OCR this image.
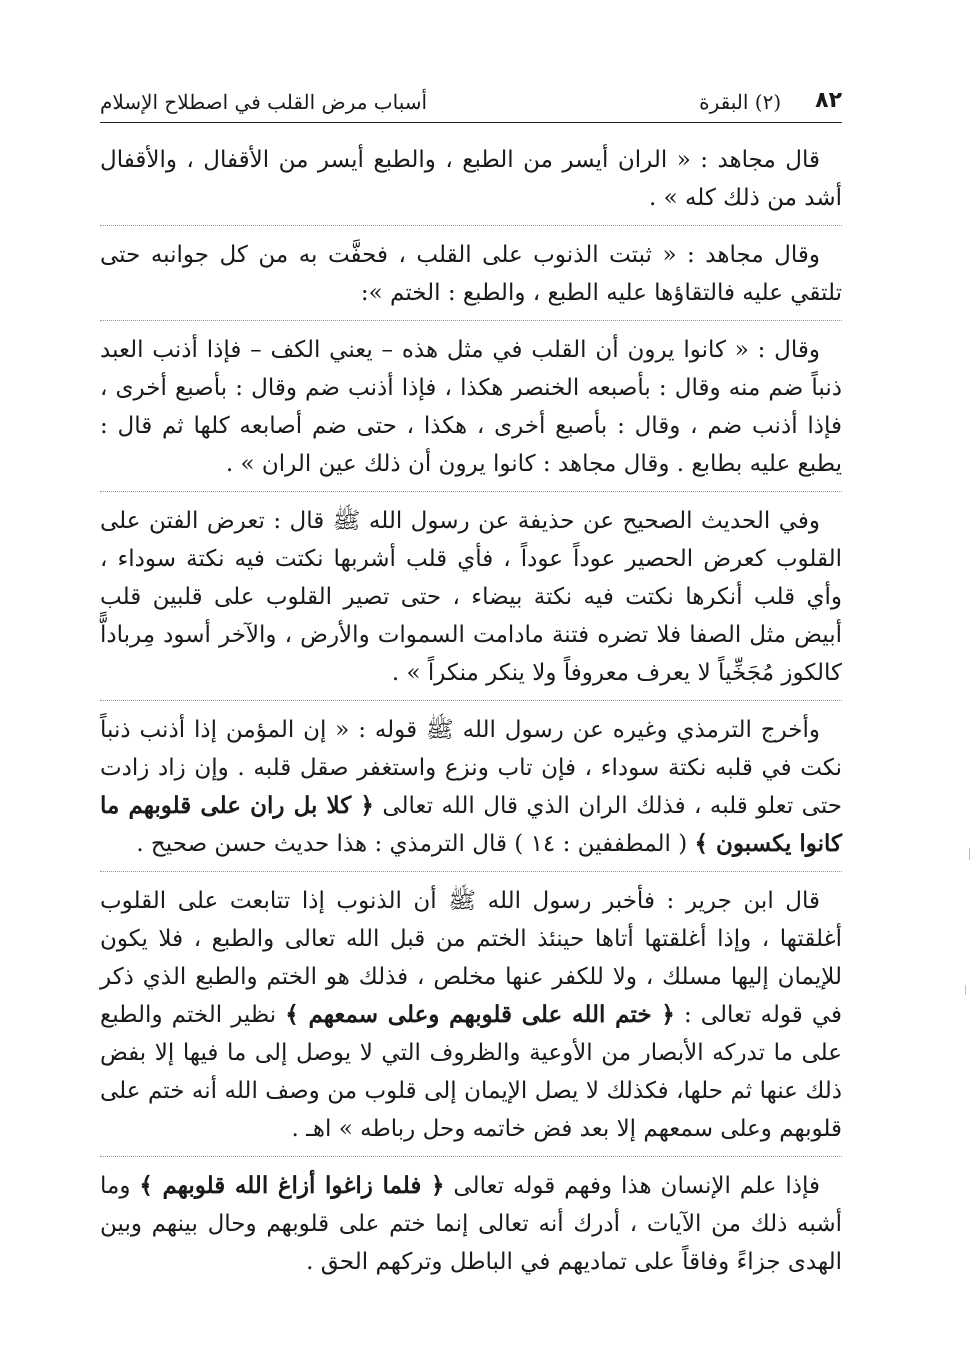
٨٢
(٢) البقرة
أسباب مرض القلب في اصطلاح الإسلام

قال مجاهد : « الران أيسر من الطبع ، والطبع أيسر من الأقفال ، والأقفال أشد من ذلك كله » .

وقال مجاهد : « ثبتت الذنوب على القلب ، فحفَّت به من كل جوانبه حتى تلتقي عليه فالتقاؤها عليه الطبع ، والطبع : الختم »:

وقال : « كانوا يرون أن القلب في مثل هذه – يعني الكف – فإذا أذنب العبد ذنباً ضم منه وقال : بأصبعه الخنصر هكذا ، فإذا أذنب ضم وقال : بأصبع أخرى ، فإذا أذنب ضم ، وقال : بأصبع أخرى ، هكذا ، حتى ضم أصابعه كلها ثم قال : يطبع عليه بطابع . وقال مجاهد : كانوا يرون أن ذلك عين الران » .

وفي الحديث الصحيح عن حذيفة عن رسول الله ﷺ قال : تعرض الفتن على القلوب كعرض الحصير عوداً عوداً ، فأي قلب أشربها نكتت فيه نكتة سوداء ، وأي قلب أنكرها نكتت فيه نكتة بيضاء ، حتى تصير القلوب على قلبين قلب أبيض مثل الصفا فلا تضره فتنة مادامت السموات والأرض ، والآخر أسود مِرباداًّ كالكوز مُجَخِّياً لا يعرف معروفاً ولا ينكر منكراً » .

وأخرج الترمذي وغيره عن رسول الله ﷺ قوله : « إن المؤمن إذا أذنب ذنباً نكت في قلبه نكتة سوداء ، فإن تاب ونزع واستغفر صقل قلبه . وإن زاد زادت حتى تعلو قلبه ، فذلك الران الذي قال الله تعالى ﴿ كلا بل ران على قلوبهم ما كانوا يكسبون ﴾ ( المطففين : ١٤ ) قال الترمذي : هذا حديث حسن صحيح .

قال ابن جرير : فأخبر رسول الله ﷺ أن الذنوب إذا تتابعت على القلوب أغلقتها ، وإذا أغلقتها أتاها حينئذ الختم من قبل الله تعالى والطبع ، فلا يكون للإيمان إليها مسلك ، ولا للكفر عنها مخلص ، فذلك هو الختم والطبع الذي ذكر في قوله تعالى : ﴿ ختم الله على قلوبهم وعلى سمعهم ﴾ نظير الختم والطبع على ما تدركه الأبصار من الأوعية والظروف التي لا يوصل إلى ما فيها إلا بفض ذلك عنها ثم حلها، فكذلك لا يصل الإيمان إلى قلوب من وصف الله أنه ختم على قلوبهم وعلى سمعهم إلا بعد فض خاتمه وحل رباطه » اهـ .

فإذا علم الإنسان هذا وفهم قوله تعالى ﴿ فلما زاغوا أزاغ الله قلوبهم ﴾ وما أشبه ذلك من الآيات ، أدرك أنه تعالى إنما ختم على قلوبهم وحال بينهم وبين الهدى جزاءً وفاقاً على تماديهم في الباطل وتركهم الحق .
